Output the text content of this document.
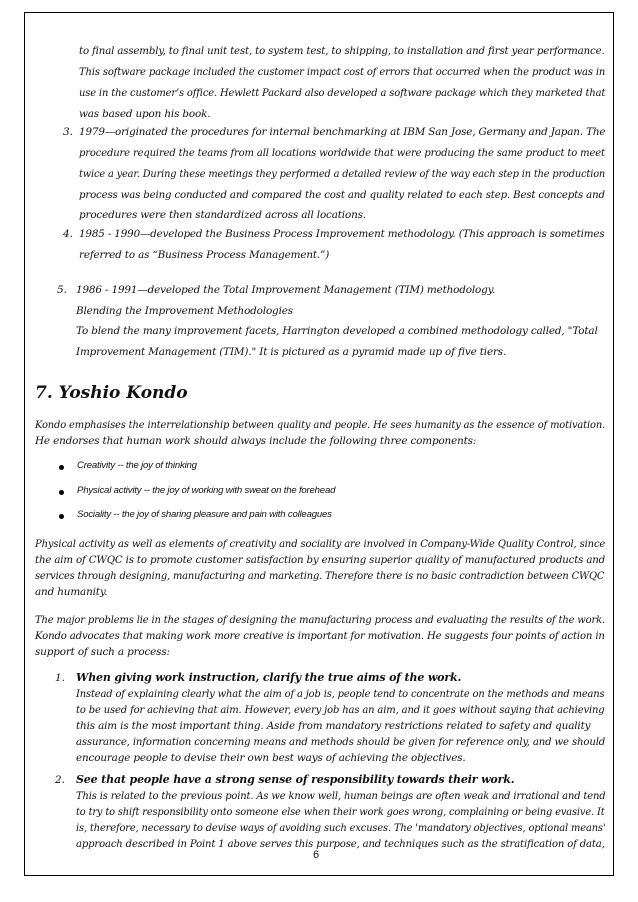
to final assembly, to final unit test, to system test, to shipping, to installation and first year performance.
This software package included the customer impact cost of errors that occurred when the product was in
use in the customer’s office. Hewlett Packard also developed a software package which they marketed that
was based upon his book.
3. 1979—originated the procedures for internal benchmarking at IBM San Jose, Germany and Japan. The
procedure required the teams from all locations worldwide that were producing the same product to meet
twice a year. During these meetings they performed a detailed review of the way each step in the production
process was being conducted and compared the cost and quality related to each step. Best concepts and
procedures were then standardized across all locations.
4. 1985 - 1990—developed the Business Process Improvement methodology. (This approach is sometimes
referred to as “Business Process Management.”)
5. 1986 - 1991—developed the Total Improvement Management (TIM) methodology.
Blending the Improvement Methodologies
To blend the many improvement facets, Harrington developed a combined methodology called, "Total
Improvement Management (TIM)." It is pictured as a pyramid made up of five tiers.
7. Yoshio Kondo
Kondo emphasises the interrelationship between quality and people. He sees humanity as the essence of motivation.
He endorses that human work should always include the following three components:
Creativity -- the joy of thinking
Physical activity -- the joy of working with sweat on the forehead
Sociality -- the joy of sharing pleasure and pain with colleagues
Physical activity as well as elements of creativity and sociality are involved in Company-Wide Quality Control, since
the aim of CWQC is to promote customer satisfaction by ensuring superior quality of manufactured products and
services through designing, manufacturing and marketing. Therefore there is no basic contradiction between CWQC
and humanity.
The major problems lie in the stages of designing the manufacturing process and evaluating the results of the work.
Kondo advocates that making work more creative is important for motivation. He suggests four points of action in
support of such a process:
1. When giving work instruction, clarify the true aims of the work.
Instead of explaining clearly what the aim of a job is, people tend to concentrate on the methods and means
to be used for achieving that aim. However, every job has an aim, and it goes without saying that achieving
this aim is the most important thing. Aside from mandatory restrictions related to safety and quality
assurance, information concerning means and methods should be given for reference only, and we should
encourage people to devise their own best ways of achieving the objectives.
2. See that people have a strong sense of responsibility towards their work.
This is related to the previous point. As we know well, human beings are often weak and irrational and tend
to try to shift responsibility onto someone else when their work goes wrong, complaining or being evasive. It
is, therefore, necessary to devise ways of avoiding such excuses. The 'mandatory objectives, optional means'
approach described in Point 1 above serves this purpose, and techniques such as the stratification of data,
6
